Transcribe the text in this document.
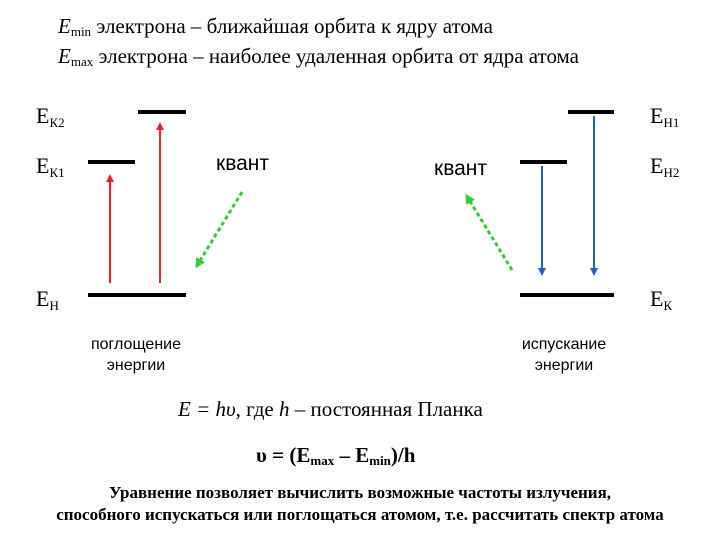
$E_{min}$ электрона – ближайшая орбита к ядру атома
$E_{max}$ электрона – наиболее удаленная орбита от ядра атома
$E_{К2}$
$E_{К1}$
$E_Н$
$E_{Н1}$
$E_{Н2}$
$E_К$
квант	квант
поглощение
энергии
испускание
энергии
E = hυ, где h – постоянная Планка
$\upsilon = (E_{max} - E_{min})/h$
Уравнение позволяет вычислить возможные частоты излучения,
способного испускаться или поглощаться атомом, т.е. рассчитать спектр атома
